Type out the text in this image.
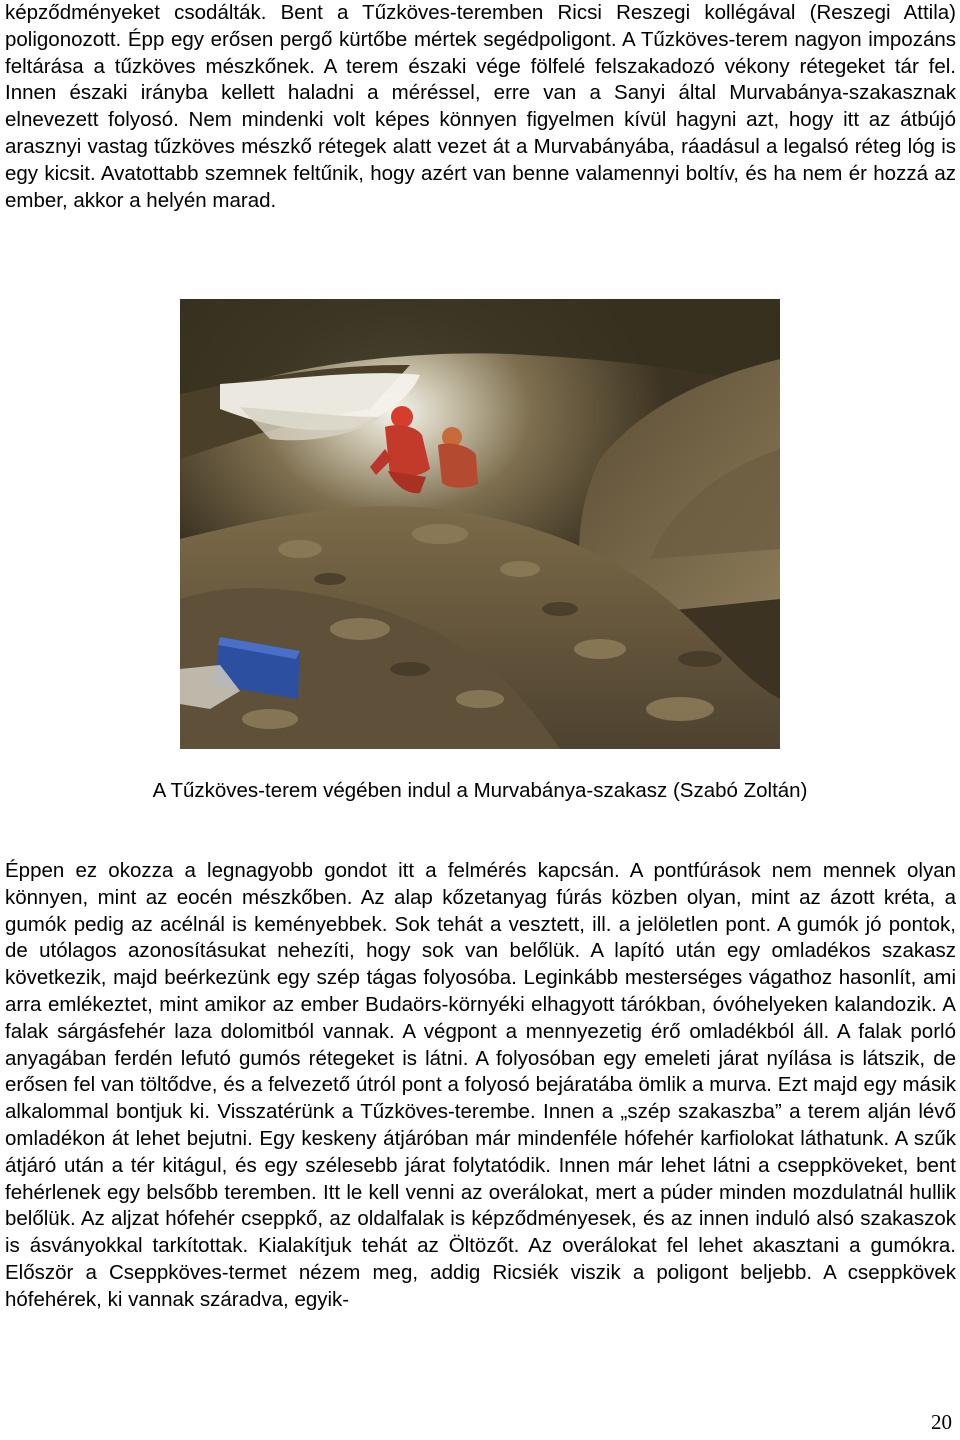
képződményeket csodálták. Bent a Tűzköves-teremben Ricsi Reszegi kollégával (Reszegi Attila) poligonozott. Épp egy erősen pergő kürtőbe mértek segédpoligont. A Tűzköves-terem nagyon impozáns feltárása a tűzköves mészkőnek. A terem északi vége fölfelé felszakadozó vékony rétegeket tár fel. Innen északi irányba kellett haladni a méréssel, erre van a Sanyi által Murvabánya-szakasznak elnevezett folyosó. Nem mindenki volt képes könnyen figyelmen kívül hagyni azt, hogy itt az átbújó arasznyi vastag tűzköves mészkő rétegek alatt vezet át a Murvabányába, ráadásul a legalsó réteg lóg is egy kicsit. Avatottabb szemnek feltűnik, hogy azért van benne valamennyi boltív, és ha nem ér hozzá az ember, akkor a helyén marad.

A Tűzköves-terem végében indul a Murvabánya-szakasz (Szabó Zoltán)

Éppen ez okozza a legnagyobb gondot itt a felmérés kapcsán. A pontfúrások nem mennek olyan könnyen, mint az eocén mészkőben. Az alap kőzetanyag fúrás közben olyan, mint az ázott kréta, a gumók pedig az acélnál is keményebbek. Sok tehát a vesztett, ill. a jelöletlen pont. A gumók jó pontok, de utólagos azonosításukat nehezíti, hogy sok van belőlük. A lapító után egy omladékos szakasz következik, majd beérkezünk egy szép tágas folyosóba. Leginkább mesterséges vágathoz hasonlít, ami arra emlékeztet, mint amikor az ember Budaörs-környéki elhagyott tárókban, óvóhelyeken kalandozik. A falak sárgásfehér laza dolomitból vannak. A végpont a mennyezetig érő omladékból áll. A falak porló anyagában ferdén lefutó gumós rétegeket is látni. A folyosóban egy emeleti járat nyílása is látszik, de erősen fel van töltődve, és a felvezető útról pont a folyosó bejáratába ömlik a murva. Ezt majd egy másik alkalommal bontjuk ki. Visszatérünk a Tűzköves-terembe. Innen a „szép szakaszba” a terem alján lévő omladékon át lehet bejutni. Egy keskeny átjáróban már mindenféle hófehér karfiolokat láthatunk. A szűk átjáró után a tér kitágul, és egy szélesebb járat folytatódik. Innen már lehet látni a cseppköveket, bent fehérlenek egy belsőbb teremben. Itt le kell venni az overálokat, mert a púder minden mozdulatnál hullik belőlük. Az aljzat hófehér cseppkő, az oldalfalak is képződményesek, és az innen induló alsó szakaszok is ásványokkal tarkítottak. Kialakítjuk tehát az Öltözőt. Az overálokat fel lehet akasztani a gumókra. Először a Cseppköves-termet nézem meg, addig Ricsiék viszik a poligont beljebb. A cseppkövek hófehérek, ki vannak száradva, egyik-

20
